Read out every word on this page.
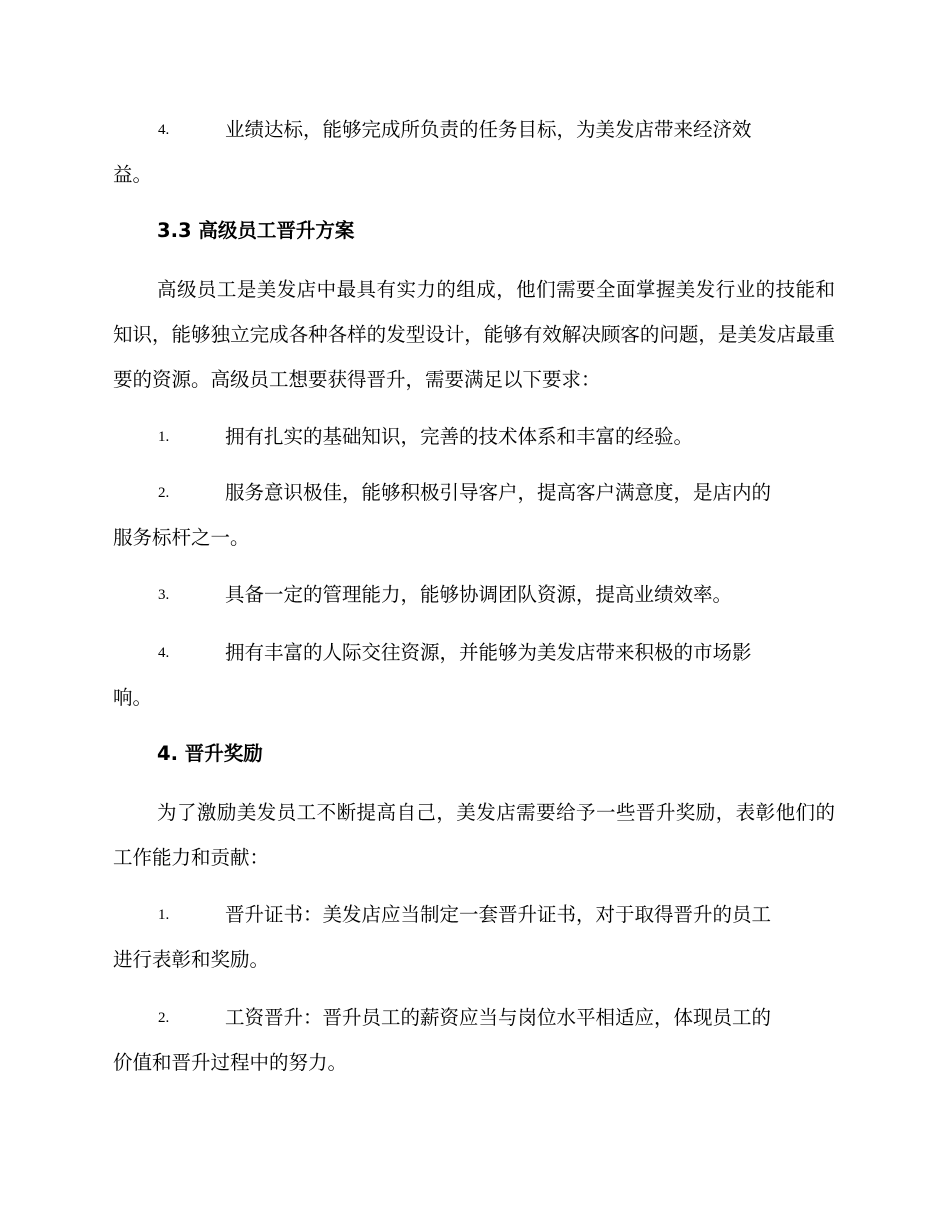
4.	业绩达标，能够完成所负责的任务目标，为美发店带来经济效
益。
3.3 高级员工晋升方案
高级员工是美发店中最具有实力的组成，他们需要全面掌握美发行业的技能和知识，能够独立完成各种各样的发型设计，能够有效解决顾客的问题，是美发店最重要的资源。高级员工想要获得晋升，需要满足以下要求：
1.	拥有扎实的基础知识，完善的技术体系和丰富的经验。
2.	服务意识极佳，能够积极引导客户，提高客户满意度，是店内的
服务标杆之一。
3.	具备一定的管理能力，能够协调团队资源，提高业绩效率。
4.	拥有丰富的人际交往资源，并能够为美发店带来积极的市场影
响。
4. 晋升奖励
为了激励美发员工不断提高自己，美发店需要给予一些晋升奖励，表彰他们的工作能力和贡献：
1.	晋升证书：美发店应当制定一套晋升证书，对于取得晋升的员工
进行表彰和奖励。
2.	工资晋升：晋升员工的薪资应当与岗位水平相适应，体现员工的
价值和晋升过程中的努力。
